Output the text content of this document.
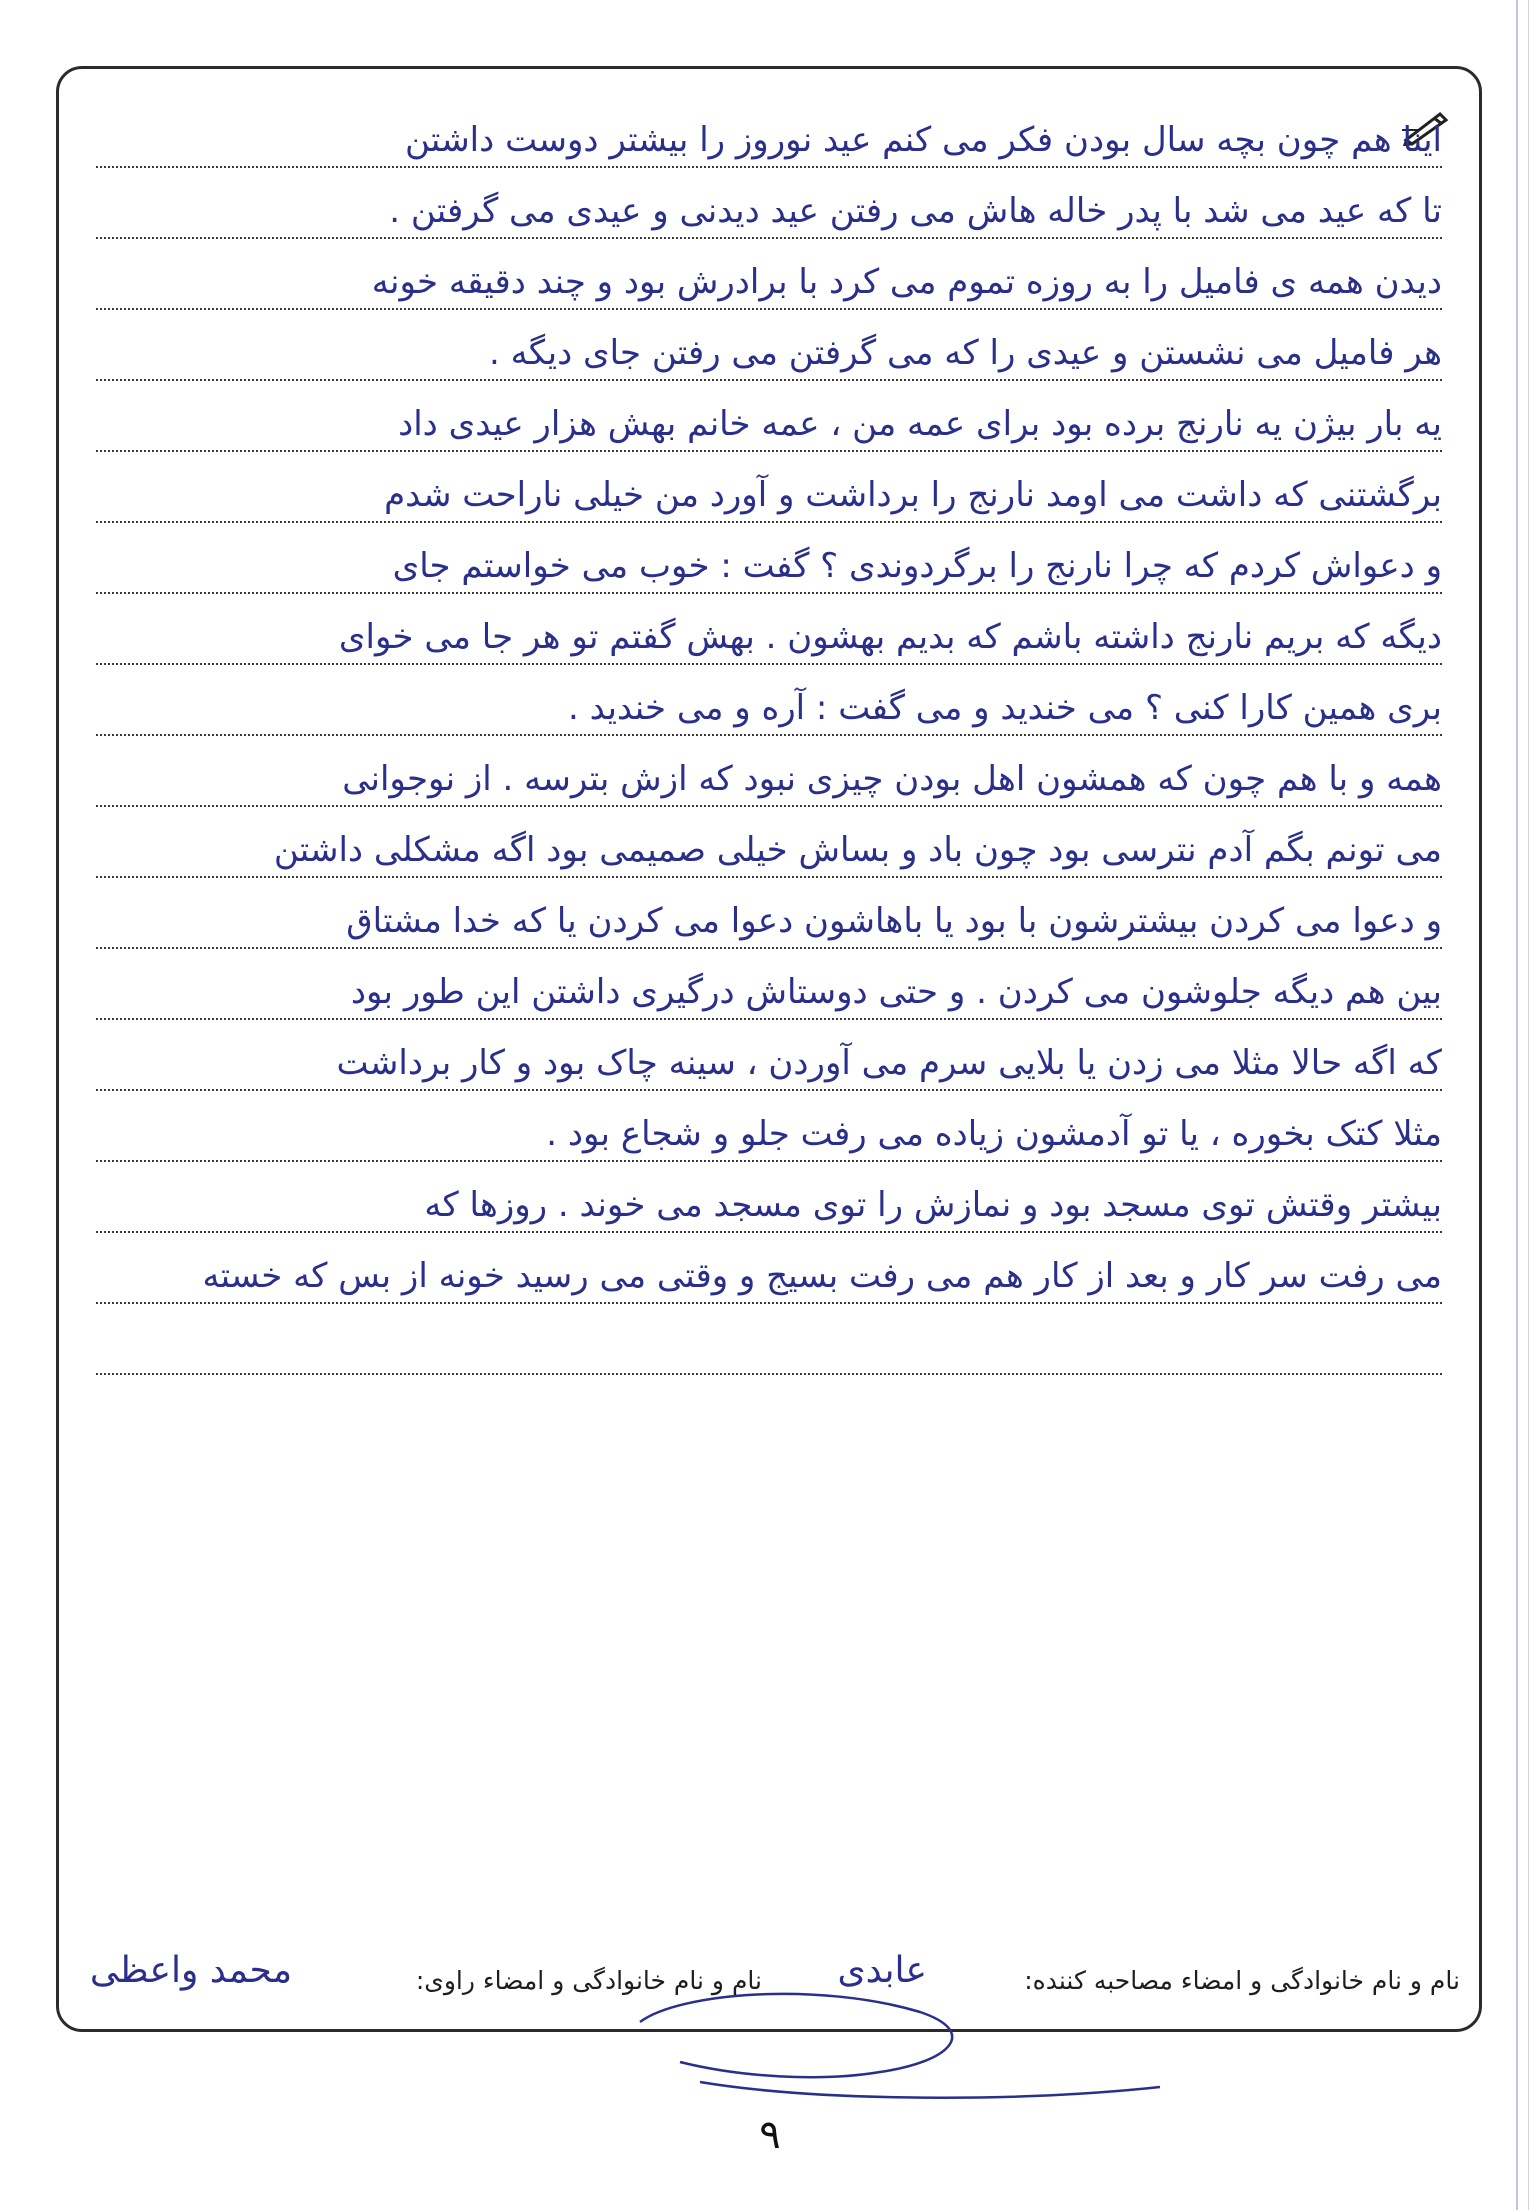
اینا هم چون بچه سال بودن فکر می کنم عید نوروز را بیشتر دوست داشتن
تا که عید می شد با پدر خاله هاش می رفتن عید دیدنی و عیدی می گرفتن .
دیدن همه ی فامیل را به روزه تموم می کرد با برادرش بود و چند دقیقه خونه
هر فامیل می نشستن و عیدی را که می گرفتن می رفتن جای دیگه .
یه بار بیژن یه نارنج برده بود برای عمه من ، عمه خانم بهش هزار عیدی داد
برگشتنی که داشت می اومد نارنج را برداشت و آورد من خیلی ناراحت شدم
و دعواش کردم که چرا نارنج را برگردوندی ؟ گفت : خوب می خواستم جای
دیگه که بریم نارنج داشته باشم که بدیم بهشون . بهش گفتم تو هر جا می خوای
بری همین کارا کنی ؟ می خندید و می گفت : آره و می خندید .
همه و با هم چون که همشون اهل بودن چیزی نبود که ازش بترسه . از نوجوانی
می تونم بگم آدم نترسی بود چون باد و بساش خیلی صمیمی بود اگه مشکلی داشتن
و دعوا می کردن بیشترشون با بود یا باهاشون دعوا می کردن یا که خدا مشتاق
بین هم دیگه جلوشون می کردن . و حتی دوستاش درگیری داشتن این طور بود
که اگه حالا مثلا می زدن یا بلایی سرم می آوردن ، سینه چاک بود و کار برداشت
مثلا کتک بخوره ، یا تو آدمشون زیاده می رفت جلو و شجاع بود .
بیشتر وقتش توی مسجد بود و نمازش را توی مسجد می خوند . روزها که
می رفت سر کار و بعد از کار هم می رفت بسیج و وقتی می رسید خونه از بس که خسته
نام و نام خانوادگی و امضاء مصاحبه کننده:
عابدی
نام و نام خانوادگی و امضاء راوی:
محمد واعظی
۹
